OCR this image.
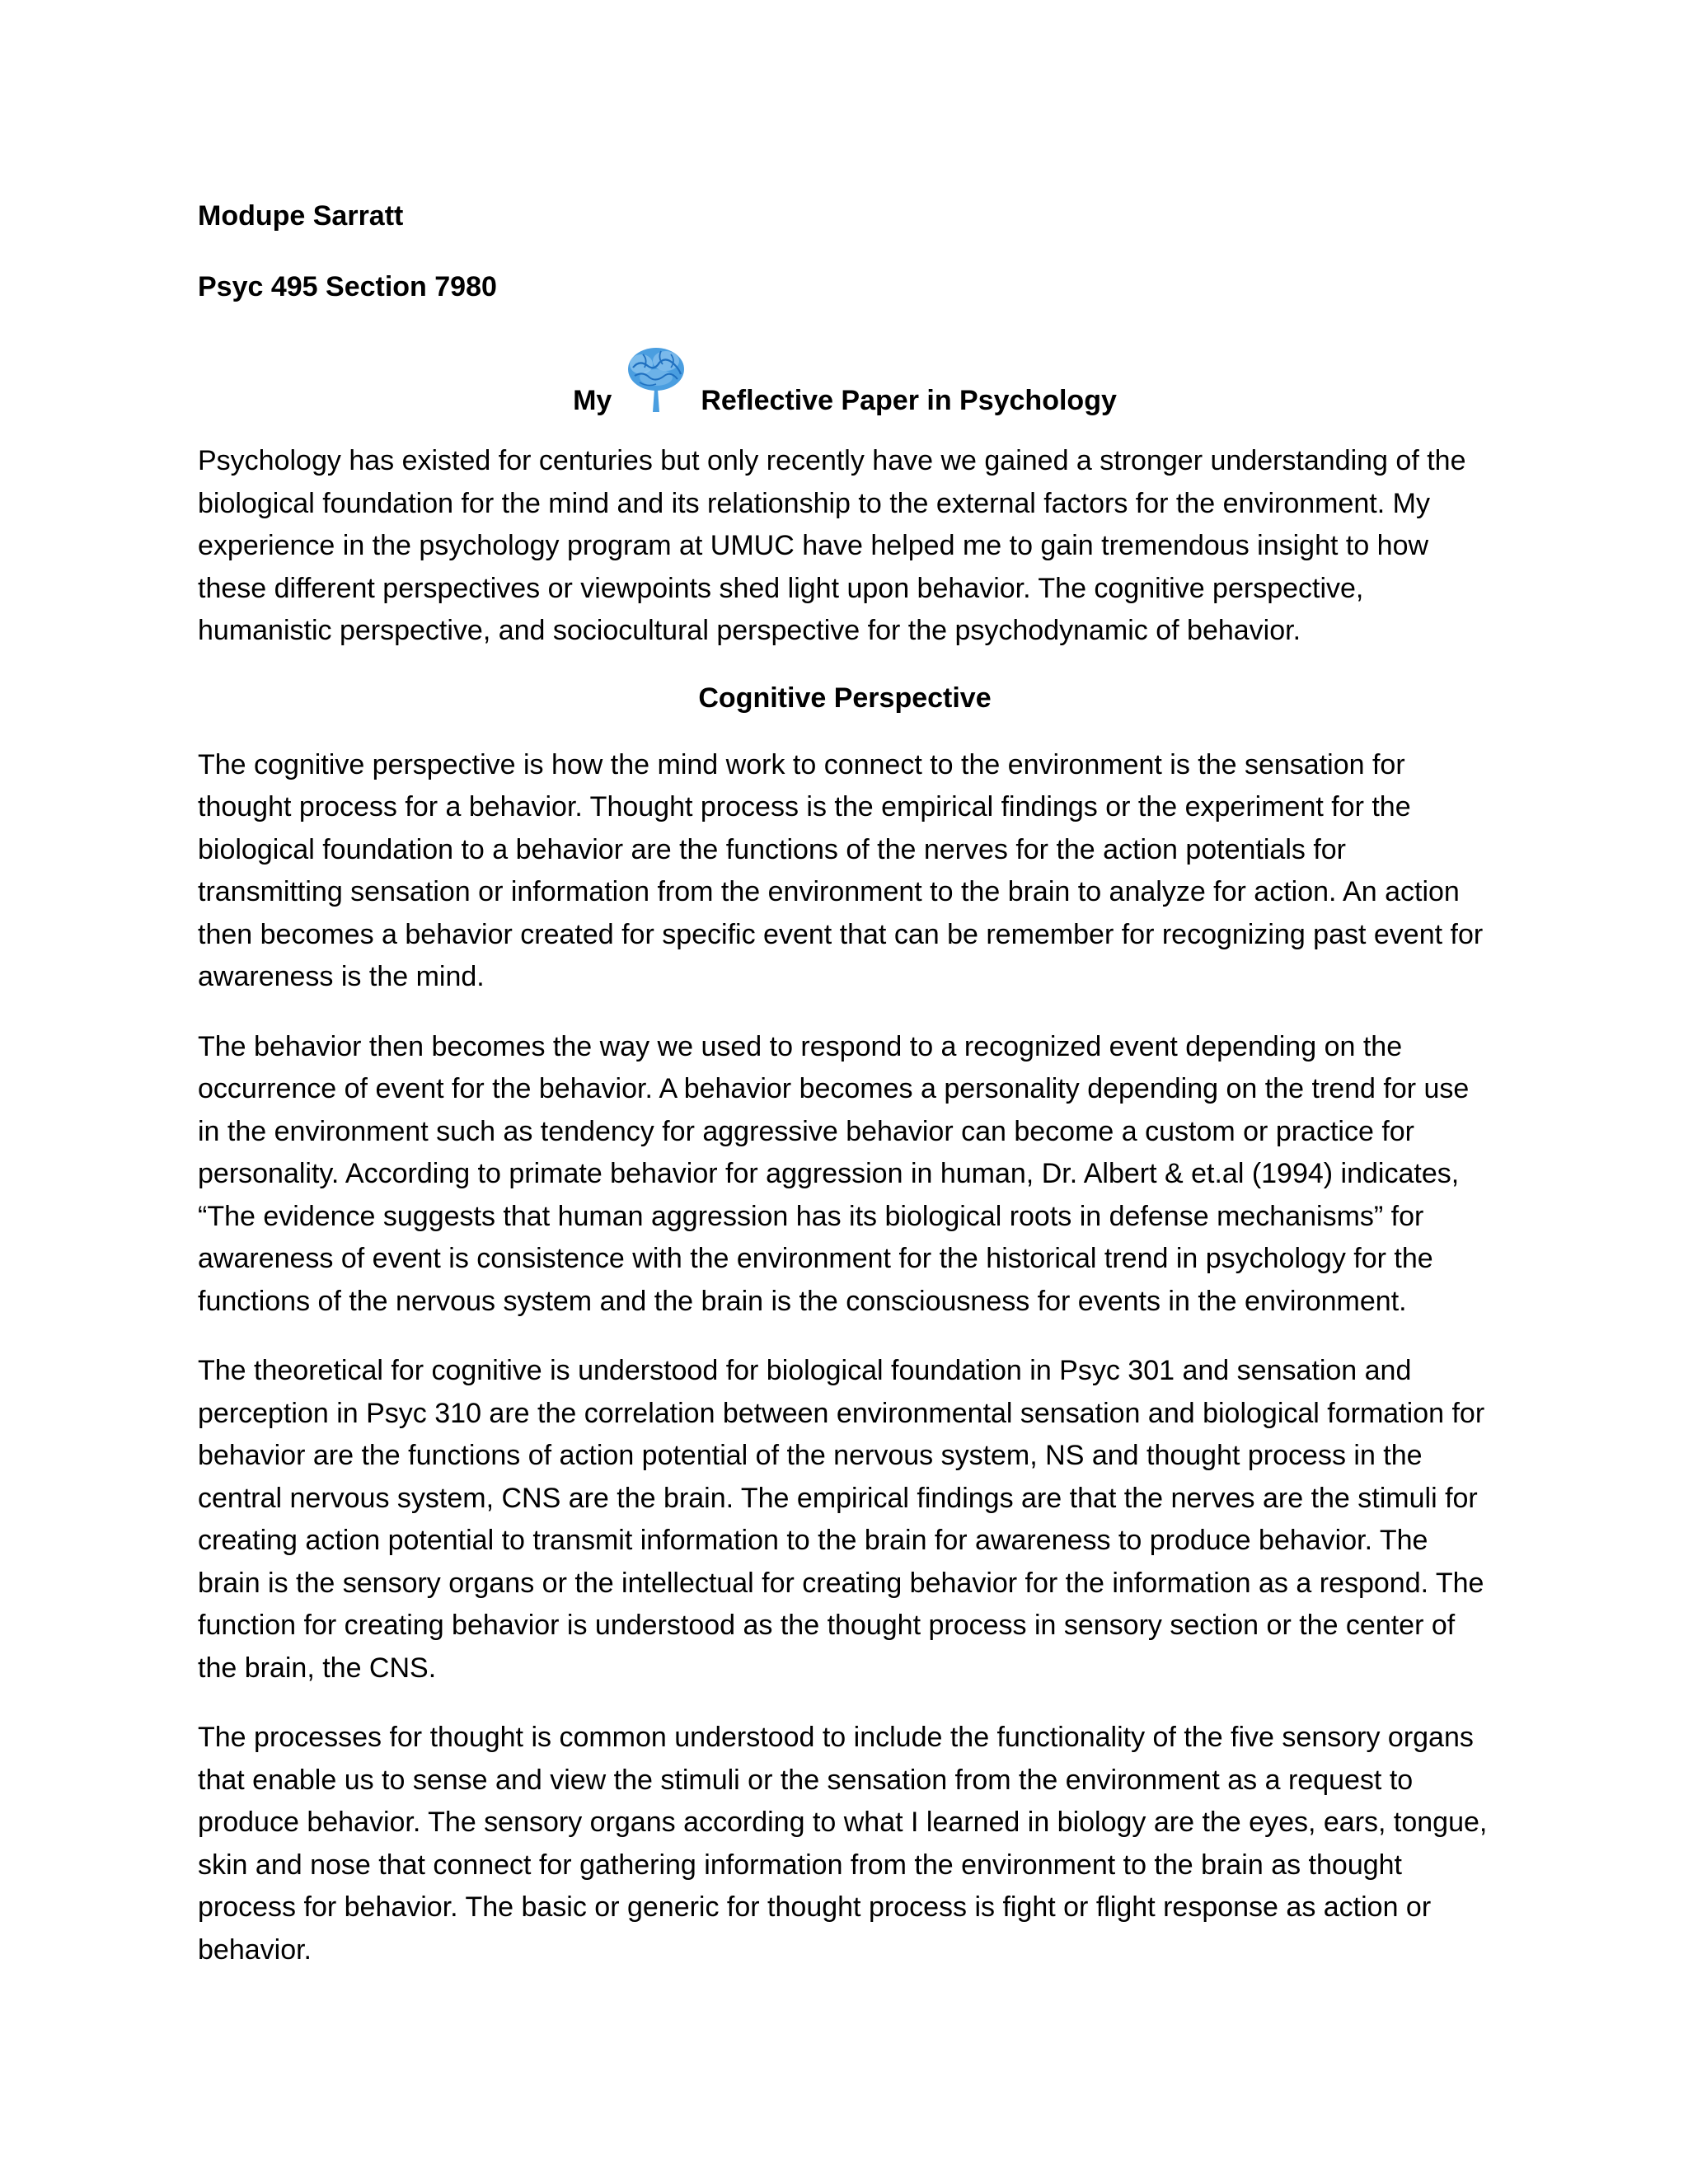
Modupe Sarratt
Psyc 495 Section 7980
My	Reflective Paper in Psychology

Psychology has existed for centuries but only recently have we gained a stronger understanding of the biological foundation for the mind and its relationship to the external factors for the environment. My experience in the psychology program at UMUC have helped me to gain tremendous insight to how these different perspectives or viewpoints shed light upon behavior. The cognitive perspective, humanistic perspective, and sociocultural perspective for the psychodynamic of behavior.

Cognitive Perspective

The cognitive perspective is how the mind work to connect to the environment is the sensation for thought process for a behavior. Thought process is the empirical findings or the experiment for the biological foundation to a behavior are the functions of the nerves for the action potentials for transmitting sensation or information from the environment to the brain to analyze for action. An action then becomes a behavior created for specific event that can be remember for recognizing past event for awareness is the mind.

The behavior then becomes the way we used to respond to a recognized event depending on the occurrence of event for the behavior. A behavior becomes a personality depending on the trend for use in the environment such as tendency for aggressive behavior can become a custom or practice for personality. According to primate behavior for aggression in human, Dr. Albert & et.al (1994) indicates, “The evidence suggests that human aggression has its biological roots in defense mechanisms” for awareness of event is consistence with the environment for the historical trend in psychology for the functions of the nervous system and the brain is the consciousness for events in the environment.

The theoretical for cognitive is understood for biological foundation in Psyc 301 and sensation and perception in Psyc 310 are the correlation between environmental sensation and biological formation for behavior are the functions of action potential of the nervous system, NS and thought process in the central nervous system, CNS are the brain. The empirical findings are that the nerves are the stimuli for creating action potential to transmit information to the brain for awareness to produce behavior. The brain is the sensory organs or the intellectual for creating behavior for the information as a respond. The function for creating behavior is understood as the thought process in sensory section or the center of the brain, the CNS.

The processes for thought is common understood to include the functionality of the five sensory organs that enable us to sense and view the stimuli or the sensation from the environment as a request to produce behavior. The sensory organs according to what I learned in biology are the eyes, ears, tongue, skin and nose that connect for gathering information from the environment to the brain as thought process for behavior. The basic or generic for thought process is fight or flight response as action or behavior.
